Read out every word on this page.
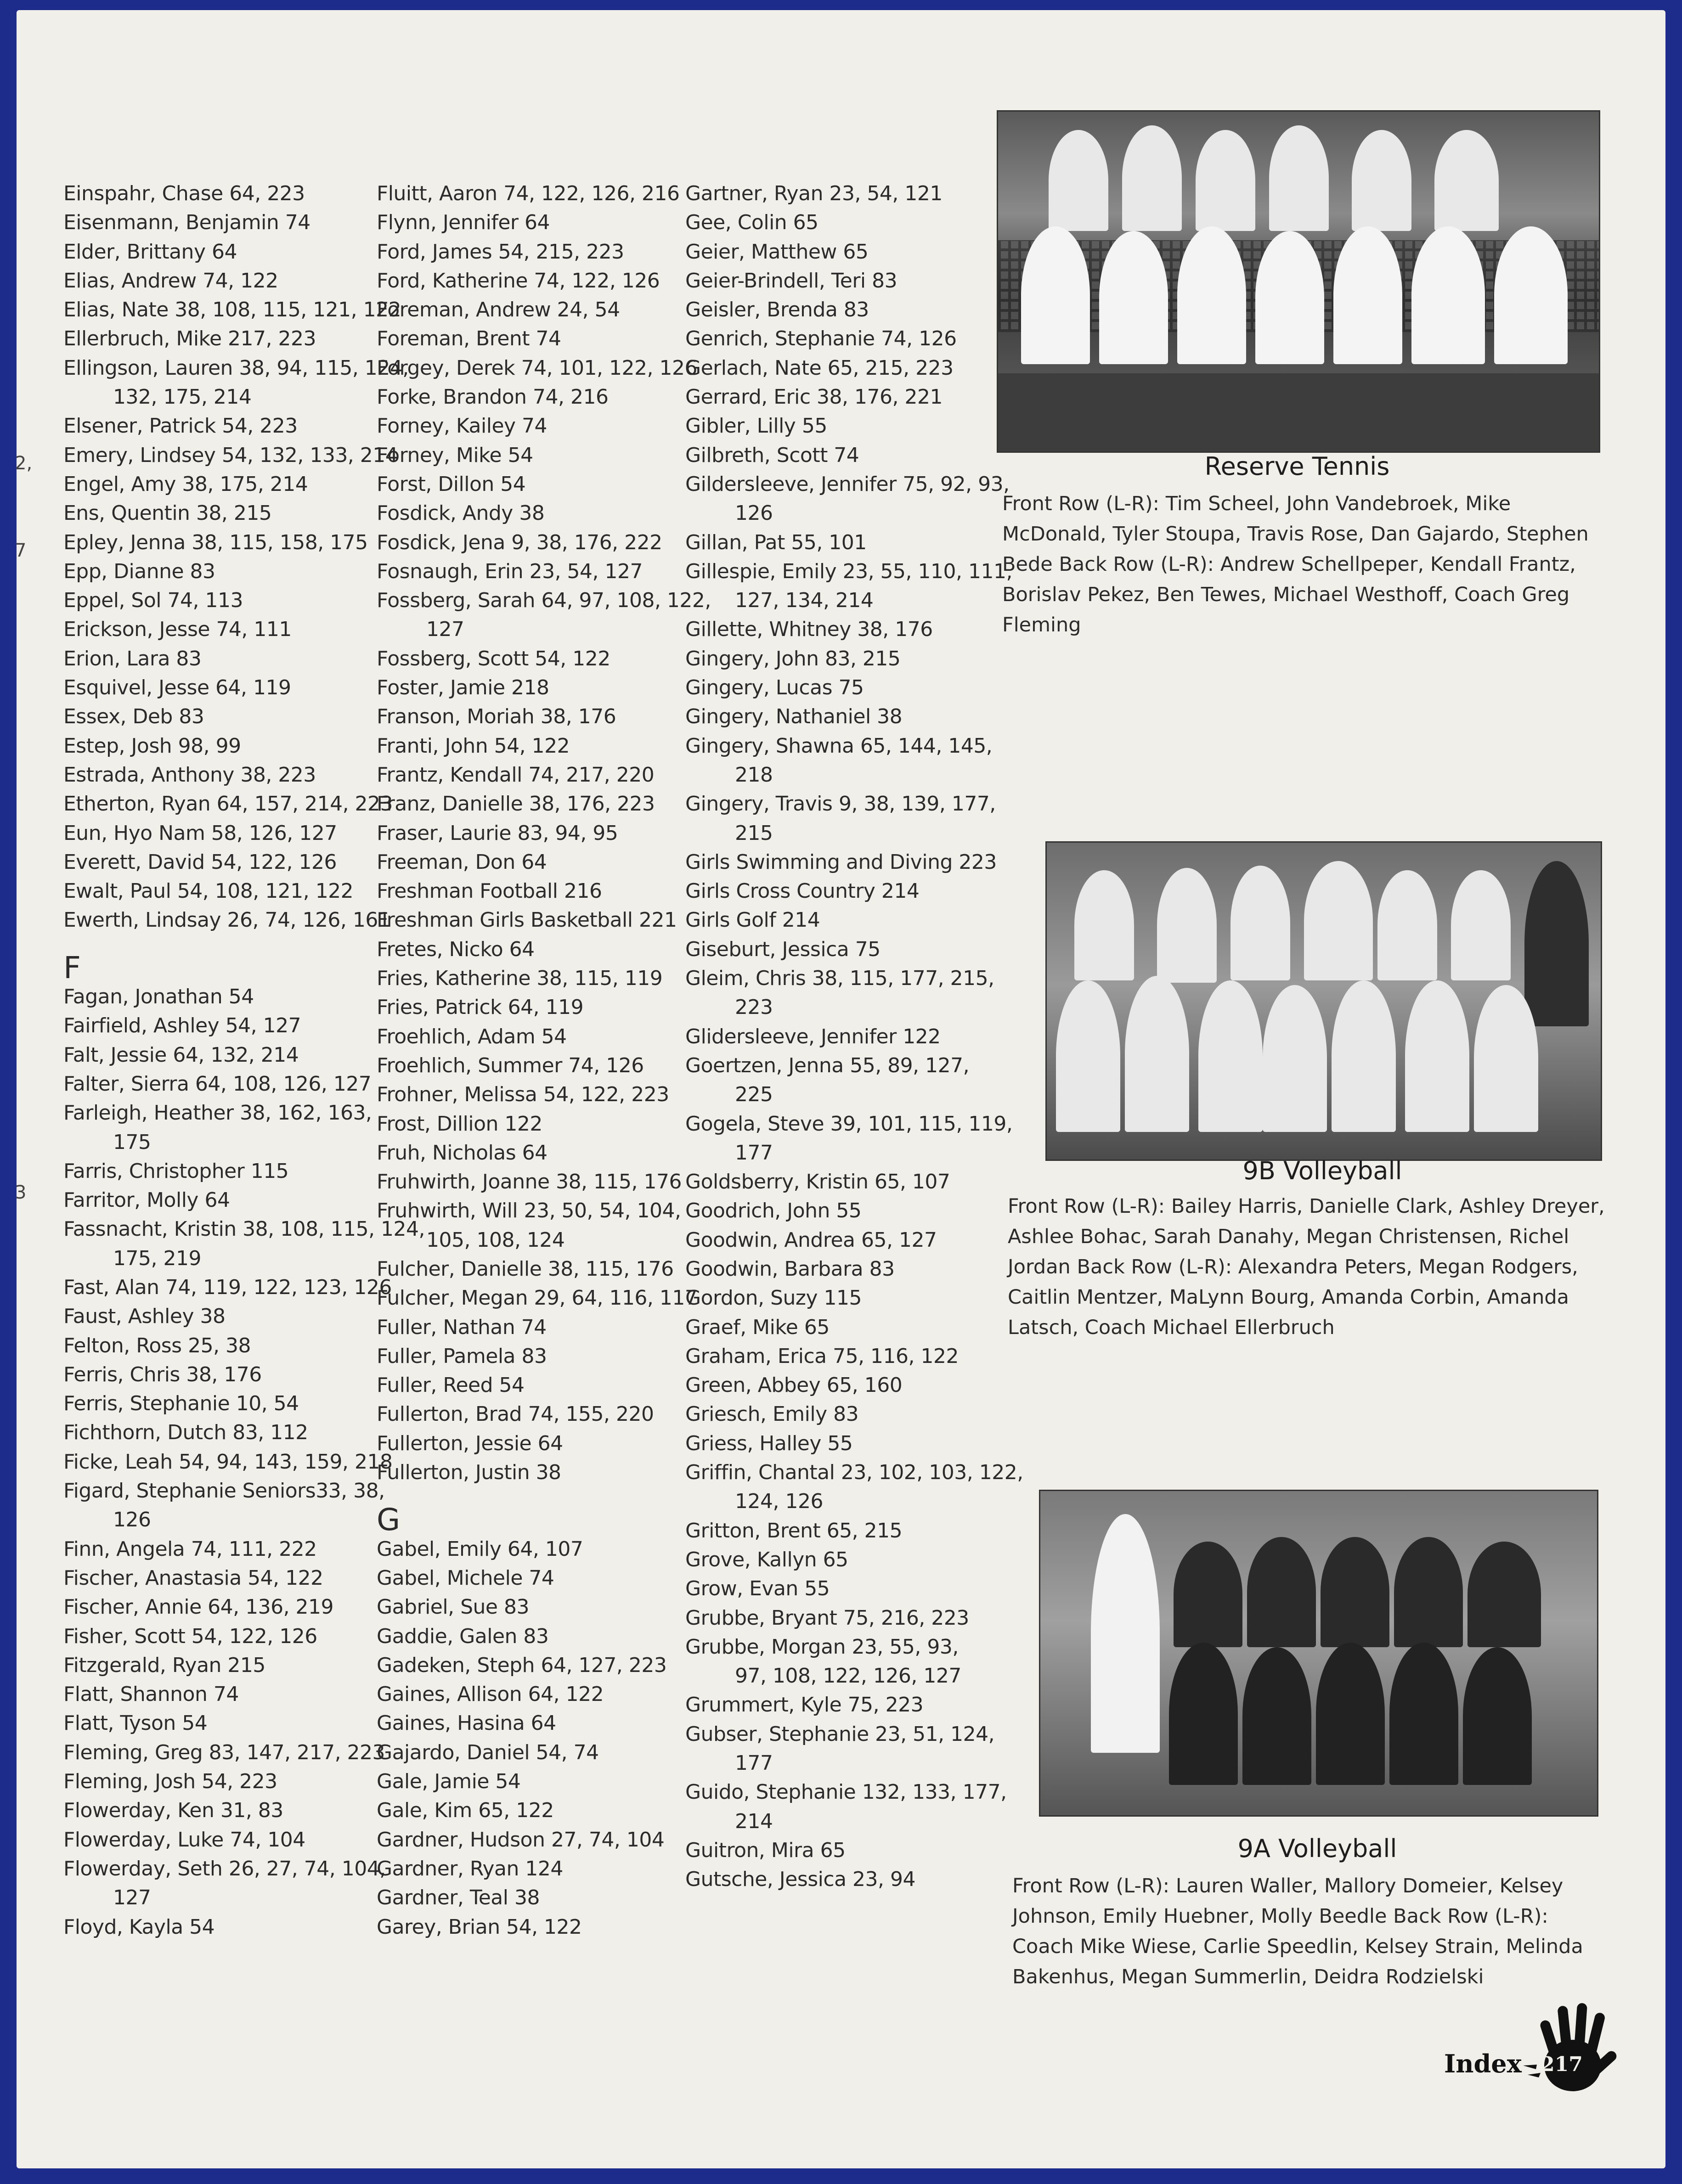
2,
7
3
Einspahr, Chase 64, 223
Eisenmann, Benjamin 74
Elder, Brittany 64
Elias, Andrew 74, 122
Elias, Nate 38, 108, 115, 121, 122
Ellerbruch, Mike 217, 223
Ellingson, Lauren 38, 94, 115, 124,
132, 175, 214
Elsener, Patrick 54, 223
Emery, Lindsey 54, 132, 133, 214
Engel, Amy 38, 175, 214
Ens, Quentin 38, 215
Epley, Jenna 38, 115, 158, 175
Epp, Dianne 83
Eppel, Sol 74, 113
Erickson, Jesse 74, 111
Erion, Lara 83
Esquivel, Jesse 64, 119
Essex, Deb 83
Estep, Josh 98, 99
Estrada, Anthony 38, 223
Etherton, Ryan 64, 157, 214, 223
Eun, Hyo Nam 58, 126, 127
Everett, David 54, 122, 126
Ewalt, Paul 54, 108, 121, 122
Ewerth, Lindsay 26, 74, 126, 161
F
Fagan, Jonathan 54
Fairfield, Ashley 54, 127
Falt, Jessie 64, 132, 214
Falter, Sierra 64, 108, 126, 127
Farleigh, Heather 38, 162, 163,
175
Farris, Christopher 115
Farritor, Molly 64
Fassnacht, Kristin 38, 108, 115, 124,
175, 219
Fast, Alan 74, 119, 122, 123, 126
Faust, Ashley 38
Felton, Ross 25, 38
Ferris, Chris 38, 176
Ferris, Stephanie 10, 54
Fichthorn, Dutch 83, 112
Ficke, Leah 54, 94, 143, 159, 218
Figard, Stephanie Seniors33, 38,
126
Finn, Angela 74, 111, 222
Fischer, Anastasia 54, 122
Fischer, Annie 64, 136, 219
Fisher, Scott 54, 122, 126
Fitzgerald, Ryan 215
Flatt, Shannon 74
Flatt, Tyson 54
Fleming, Greg 83, 147, 217, 223
Fleming, Josh 54, 223
Flowerday, Ken 31, 83
Flowerday, Luke 74, 104
Flowerday, Seth 26, 27, 74, 104,
127
Floyd, Kayla 54
Fluitt, Aaron 74, 122, 126, 216
Flynn, Jennifer 64
Ford, James 54, 215, 223
Ford, Katherine 74, 122, 126
Foreman, Andrew 24, 54
Foreman, Brent 74
Forgey, Derek 74, 101, 122, 126
Forke, Brandon 74, 216
Forney, Kailey 74
Forney, Mike 54
Forst, Dillon 54
Fosdick, Andy 38
Fosdick, Jena 9, 38, 176, 222
Fosnaugh, Erin 23, 54, 127
Fossberg, Sarah 64, 97, 108, 122,
127
Fossberg, Scott 54, 122
Foster, Jamie 218
Franson, Moriah 38, 176
Franti, John 54, 122
Frantz, Kendall 74, 217, 220
Franz, Danielle 38, 176, 223
Fraser, Laurie 83, 94, 95
Freeman, Don 64
Freshman Football 216
Freshman Girls Basketball 221
Fretes, Nicko 64
Fries, Katherine 38, 115, 119
Fries, Patrick 64, 119
Froehlich, Adam 54
Froehlich, Summer 74, 126
Frohner, Melissa 54, 122, 223
Frost, Dillion 122
Fruh, Nicholas 64
Fruhwirth, Joanne 38, 115, 176
Fruhwirth, Will 23, 50, 54, 104,
105, 108, 124
Fulcher, Danielle 38, 115, 176
Fulcher, Megan 29, 64, 116, 117
Fuller, Nathan 74
Fuller, Pamela 83
Fuller, Reed 54
Fullerton, Brad 74, 155, 220
Fullerton, Jessie 64
Fullerton, Justin 38
G
Gabel, Emily 64, 107
Gabel, Michele 74
Gabriel, Sue 83
Gaddie, Galen 83
Gadeken, Steph 64, 127, 223
Gaines, Allison 64, 122
Gaines, Hasina 64
Gajardo, Daniel 54, 74
Gale, Jamie 54
Gale, Kim 65, 122
Gardner, Hudson 27, 74, 104
Gardner, Ryan 124
Gardner, Teal 38
Garey, Brian 54, 122
Gartner, Ryan 23, 54, 121
Gee, Colin 65
Geier, Matthew 65
Geier-Brindell, Teri 83
Geisler, Brenda 83
Genrich, Stephanie 74, 126
Gerlach, Nate 65, 215, 223
Gerrard, Eric 38, 176, 221
Gibler, Lilly 55
Gilbreth, Scott 74
Gildersleeve, Jennifer 75, 92, 93,
126
Gillan, Pat 55, 101
Gillespie, Emily 23, 55, 110, 111,
127, 134, 214
Gillette, Whitney 38, 176
Gingery, John 83, 215
Gingery, Lucas 75
Gingery, Nathaniel 38
Gingery, Shawna 65, 144, 145,
218
Gingery, Travis 9, 38, 139, 177,
215
Girls Swimming and Diving 223
Girls Cross Country 214
Girls Golf 214
Giseburt, Jessica 75
Gleim, Chris 38, 115, 177, 215,
223
Glidersleeve, Jennifer 122
Goertzen, Jenna 55, 89, 127,
225
Gogela, Steve 39, 101, 115, 119,
177
Goldsberry, Kristin 65, 107
Goodrich, John 55
Goodwin, Andrea 65, 127
Goodwin, Barbara 83
Gordon, Suzy 115
Graef, Mike 65
Graham, Erica 75, 116, 122
Green, Abbey 65, 160
Griesch, Emily 83
Griess, Halley 55
Griffin, Chantal 23, 102, 103, 122,
124, 126
Gritton, Brent 65, 215
Grove, Kallyn 65
Grow, Evan 55
Grubbe, Bryant 75, 216, 223
Grubbe, Morgan 23, 55, 93,
97, 108, 122, 126, 127
Grummert, Kyle 75, 223
Gubser, Stephanie 23, 51, 124,
177
Guido, Stephanie 132, 133, 177,
214
Guitron, Mira 65
Gutsche, Jessica 23, 94
Reserve Tennis
Front Row (L-R): Tim Scheel, John Vandebroek, Mike McDonald, Tyler Stoupa, Travis Rose, Dan Gajardo, Stephen Bede Back Row (L-R): Andrew Schellpeper, Kendall Frantz, Borislav Pekez, Ben Tewes, Michael Westhoff, Coach Greg Fleming
9B Volleyball
Front Row (L-R): Bailey Harris, Danielle Clark, Ashley Dreyer, Ashlee Bohac, Sarah Danahy, Megan Christensen, Richel Jordan Back Row (L-R): Alexandra Peters, Megan Rodgers, Caitlin Mentzer, MaLynn Bourg, Amanda Corbin, Amanda Latsch, Coach Michael Ellerbruch
9A Volleyball
Front Row (L-R): Lauren Waller, Mallory Domeier, Kelsey Johnson, Emily Huebner, Molly Beedle Back Row (L-R): Coach Mike Wiese, Carlie Speedlin, Kelsey Strain, Melinda Bakenhus, Megan Summerlin, Deidra Rodzielski
Index 217
